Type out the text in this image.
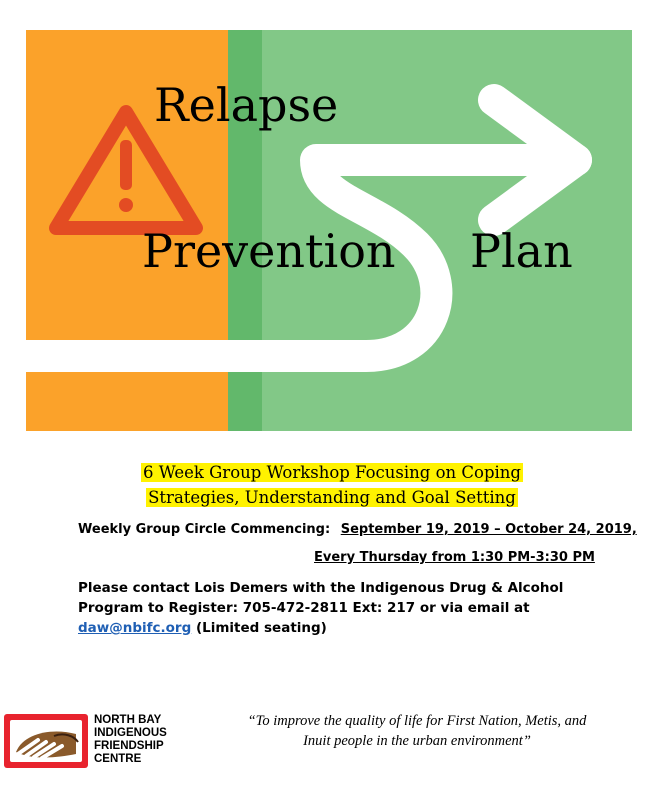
Relapse
Prevention Plan
6 Week Group Workshop Focusing on Coping
Strategies, Understanding and Goal Setting
Weekly Group Circle Commencing: September 19, 2019 – October 24, 2019,
Every Thursday from 1:30 PM-3:30 PM
Please contact Lois Demers with the Indigenous Drug & Alcohol Program to Register: 705-472-2811 Ext: 217 or via email at daw@nbifc.org (Limited seating)
NORTH BAY
INDIGENOUS
FRIENDSHIP
CENTRE
“To improve the quality of life for First Nation, Metis, and
Inuit people in the urban environment”
